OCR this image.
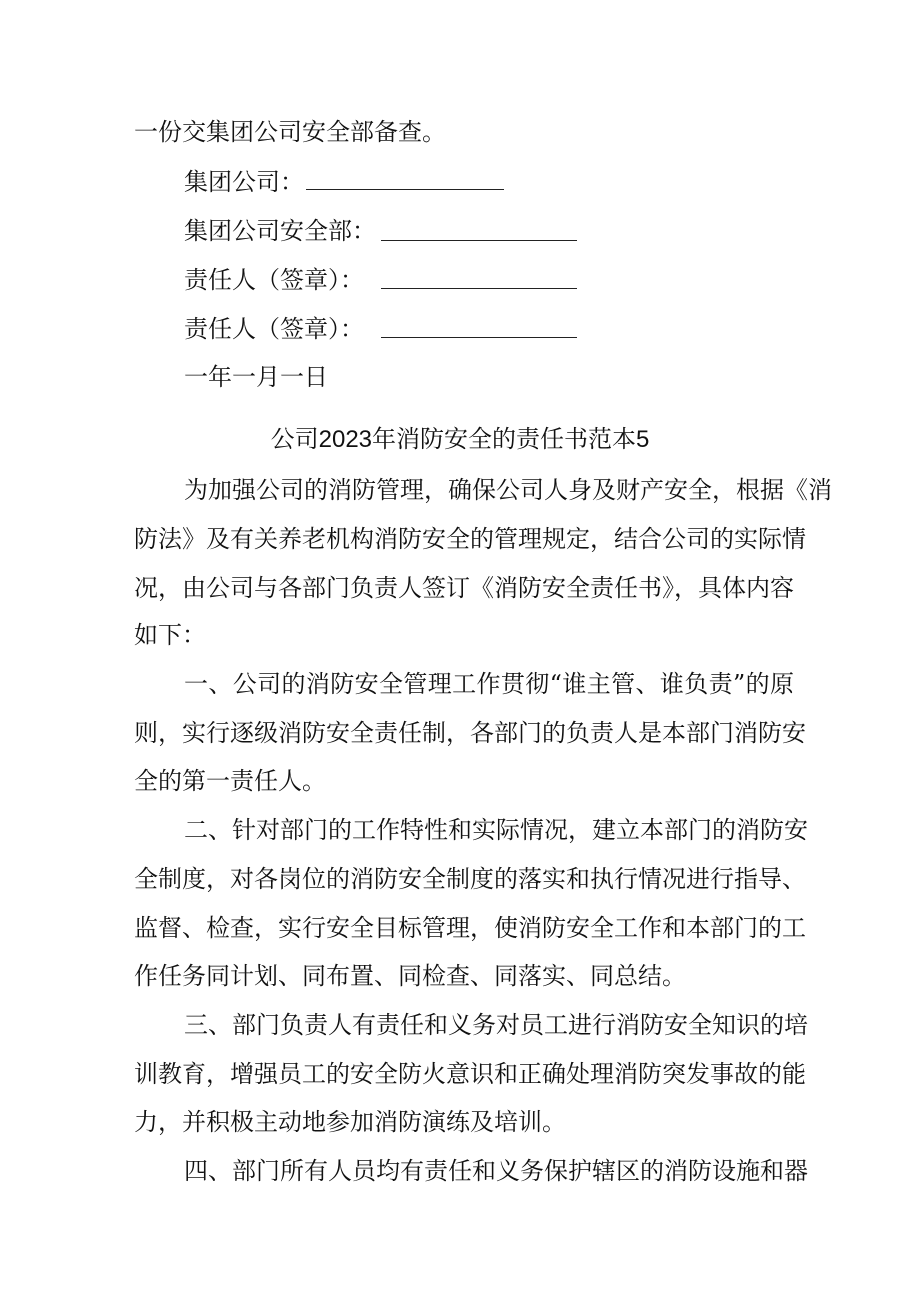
一份交集团公司安全部备查。
集团公司：
集团公司安全部：
责任人（签章）：
责任人（签章）：
一年一月一日
公司2023年消防安全的责任书范本5
为加强公司的消防管理，确保公司人身及财产安全，根据《消
防法》及有关养老机构消防安全的管理规定，结合公司的实际情
况，由公司与各部门负责人签订《消防安全责任书》，具体内容
如下：
一、公司的消防安全管理工作贯彻“谁主管、谁负责”的原
则，实行逐级消防安全责任制，各部门的负责人是本部门消防安
全的第一责任人。
二、针对部门的工作特性和实际情况，建立本部门的消防安
全制度，对各岗位的消防安全制度的落实和执行情况进行指导、
监督、检查，实行安全目标管理，使消防安全工作和本部门的工
作任务同计划、同布置、同检查、同落实、同总结。
三、部门负责人有责任和义务对员工进行消防安全知识的培
训教育，增强员工的安全防火意识和正确处理消防突发事故的能
力，并积极主动地参加消防演练及培训。
四、部门所有人员均有责任和义务保护辖区的消防设施和器
